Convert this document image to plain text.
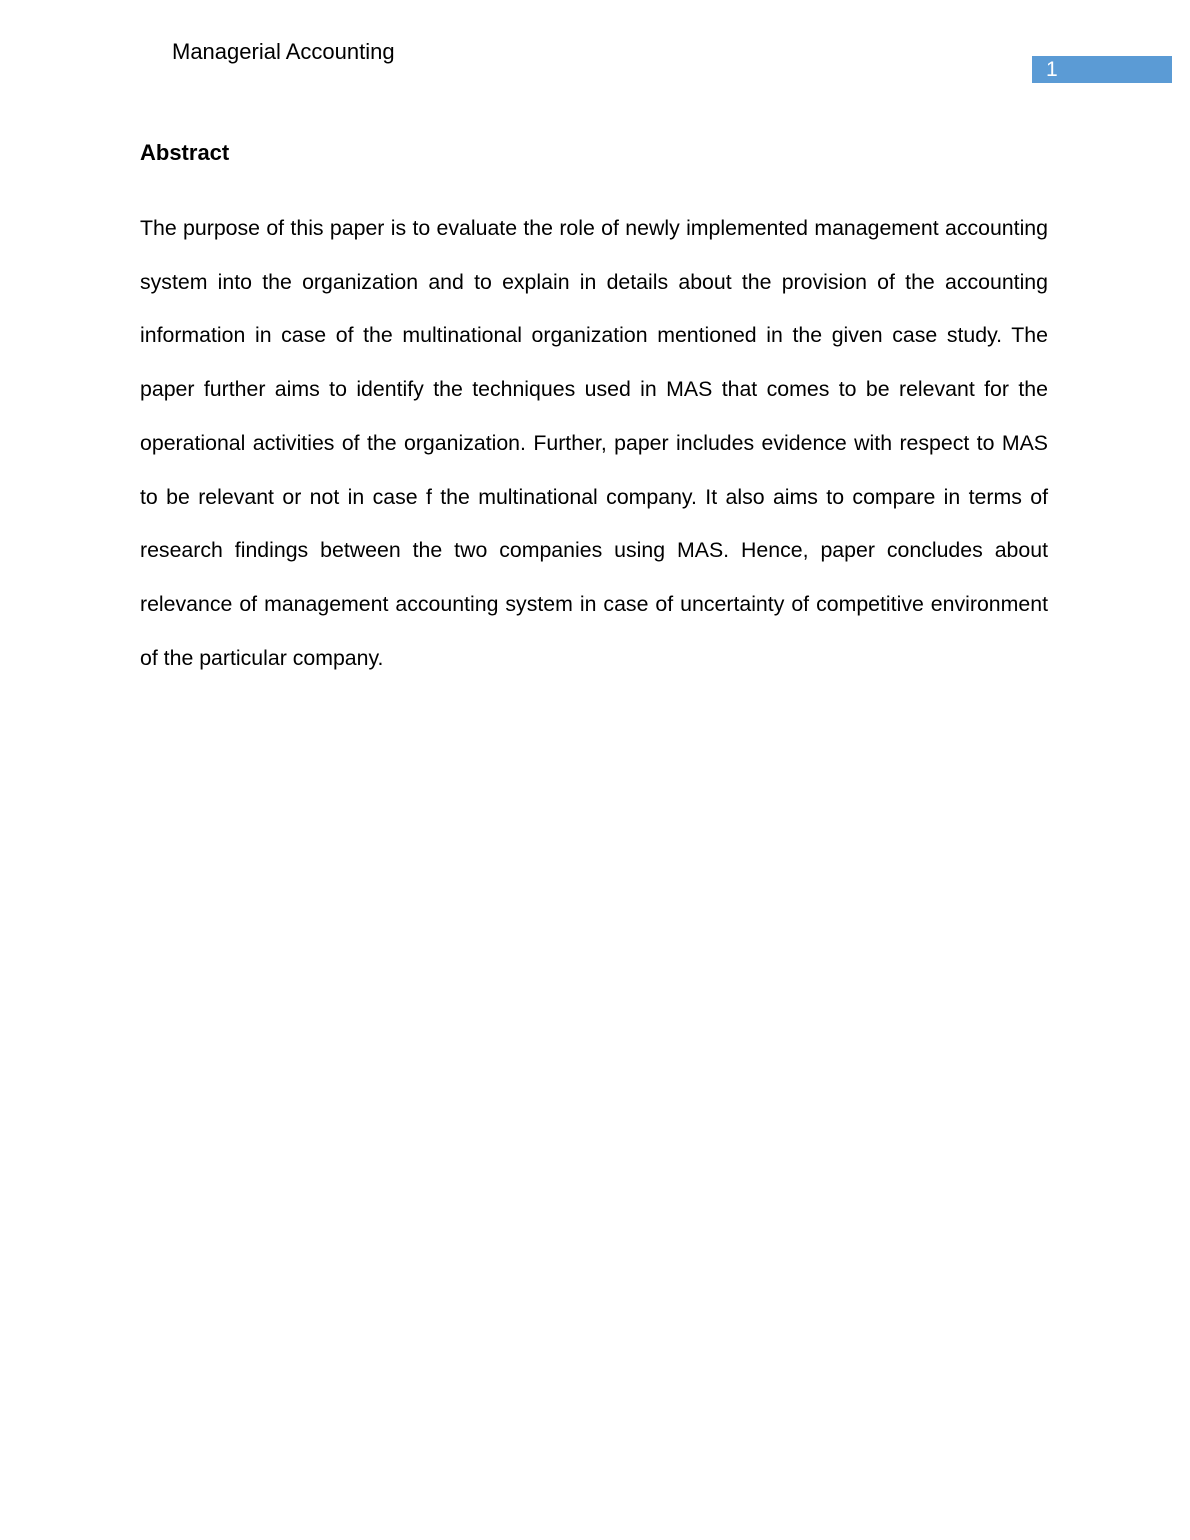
Managerial Accounting
1
Abstract

The purpose of this paper is to evaluate the role of newly implemented management accounting system into the organization and to explain in details about the provision of the accounting information in case of the multinational organization mentioned in the given case study. The paper further aims to identify the techniques used in MAS that comes to be relevant for the operational activities of the organization. Further, paper includes evidence with respect to MAS to be relevant or not in case f the multinational company. It also aims to compare in terms of research findings between the two companies using MAS. Hence, paper concludes about relevance of management accounting system in case of uncertainty of competitive environment of the particular company.
